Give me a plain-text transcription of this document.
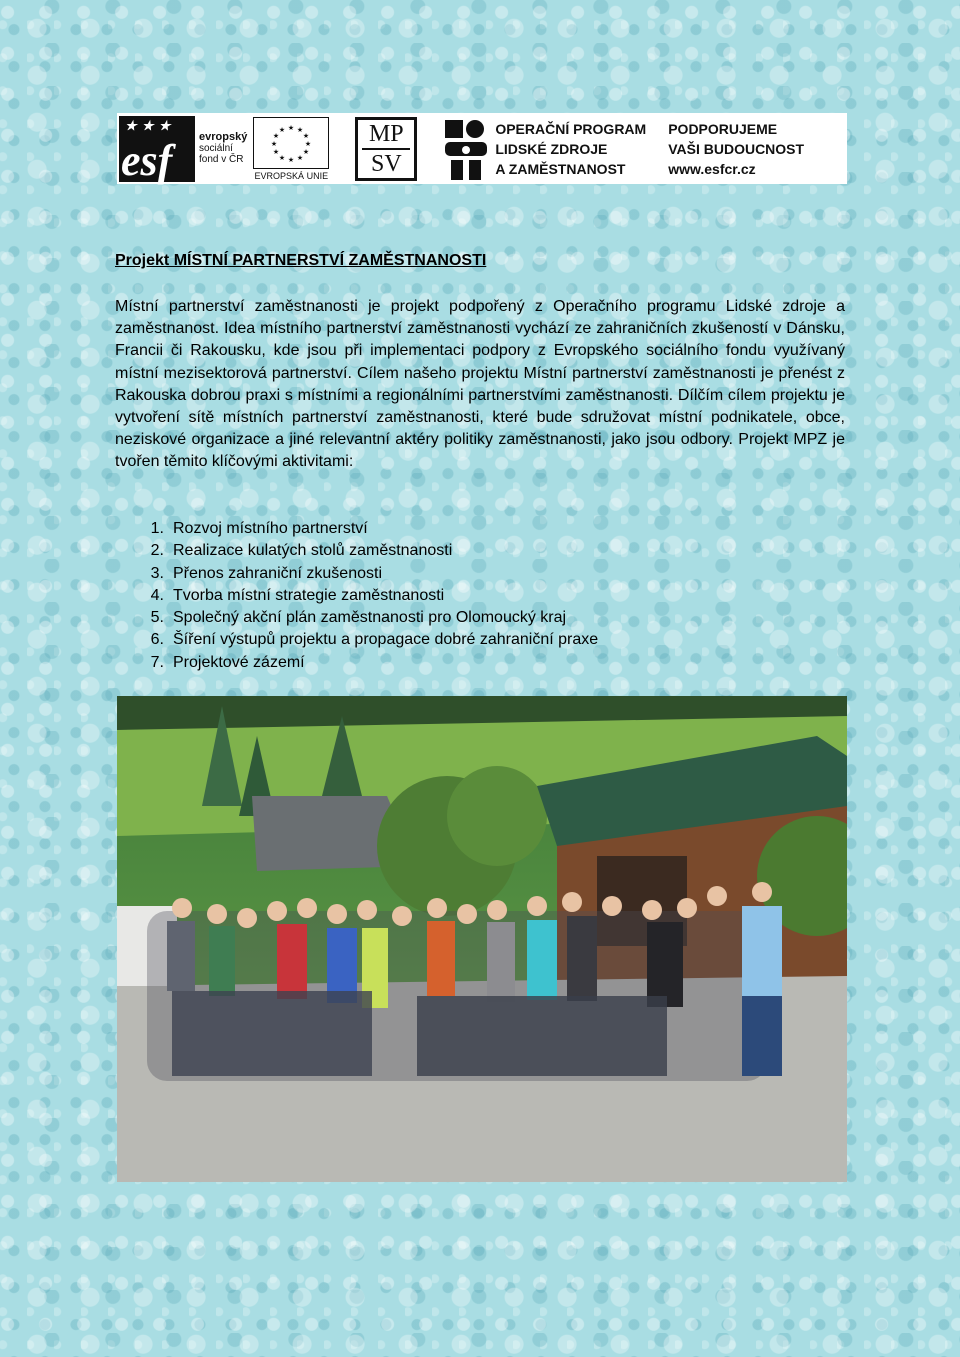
★ ★ ★
esf evropský
sociální
fond v ČR
★ ★
★
★
★
★
★
★
★
★
★
★
EVROPSKÁ UNIE
MP
SV
OPERAČNÍ PROGRAM
LIDSKÉ ZDROJE
A ZAMĚSTNANOST
PODPORUJEME
VAŠI BUDOUCNOST
www.esfcr.cz
Projekt MÍSTNÍ PARTNERSTVÍ ZAMĚSTNANOSTI

Místní partnerství zaměstnanosti je projekt podpořený z Operačního programu Lidské zdroje a zaměstnanost. Idea místního partnerství zaměstnanosti vychází ze zahraničních zkušeností v Dánsku, Francii či Rakousku, kde jsou při implementaci podpory z Evropského sociálního fondu využívaný místní mezisektorová partnerství. Cílem našeho projektu Místní partnerství zaměstnanosti je přenést z Rakouska dobrou praxi s místními a regionálními partnerstvími zaměstnanosti. Dílčím cílem projektu je vytvoření sítě místních partnerství zaměstnanosti, které bude sdružovat místní podnikatele, obce, neziskové organizace a jiné relevantní aktéry politiky zaměstnanosti, jako jsou odbory. Projekt MPZ je tvořen těmito klíčovými aktivitami:

1. Rozvoj místního partnerství
2. Realizace kulatých stolů zaměstnanosti
3. Přenos zahraniční zkušenosti
4. Tvorba místní strategie zaměstnanosti
5. Společný akční plán zaměstnanosti pro Olomoucký kraj
6. Šíření výstupů projektu a propagace dobré zahraniční praxe
7. Projektové zázemí
